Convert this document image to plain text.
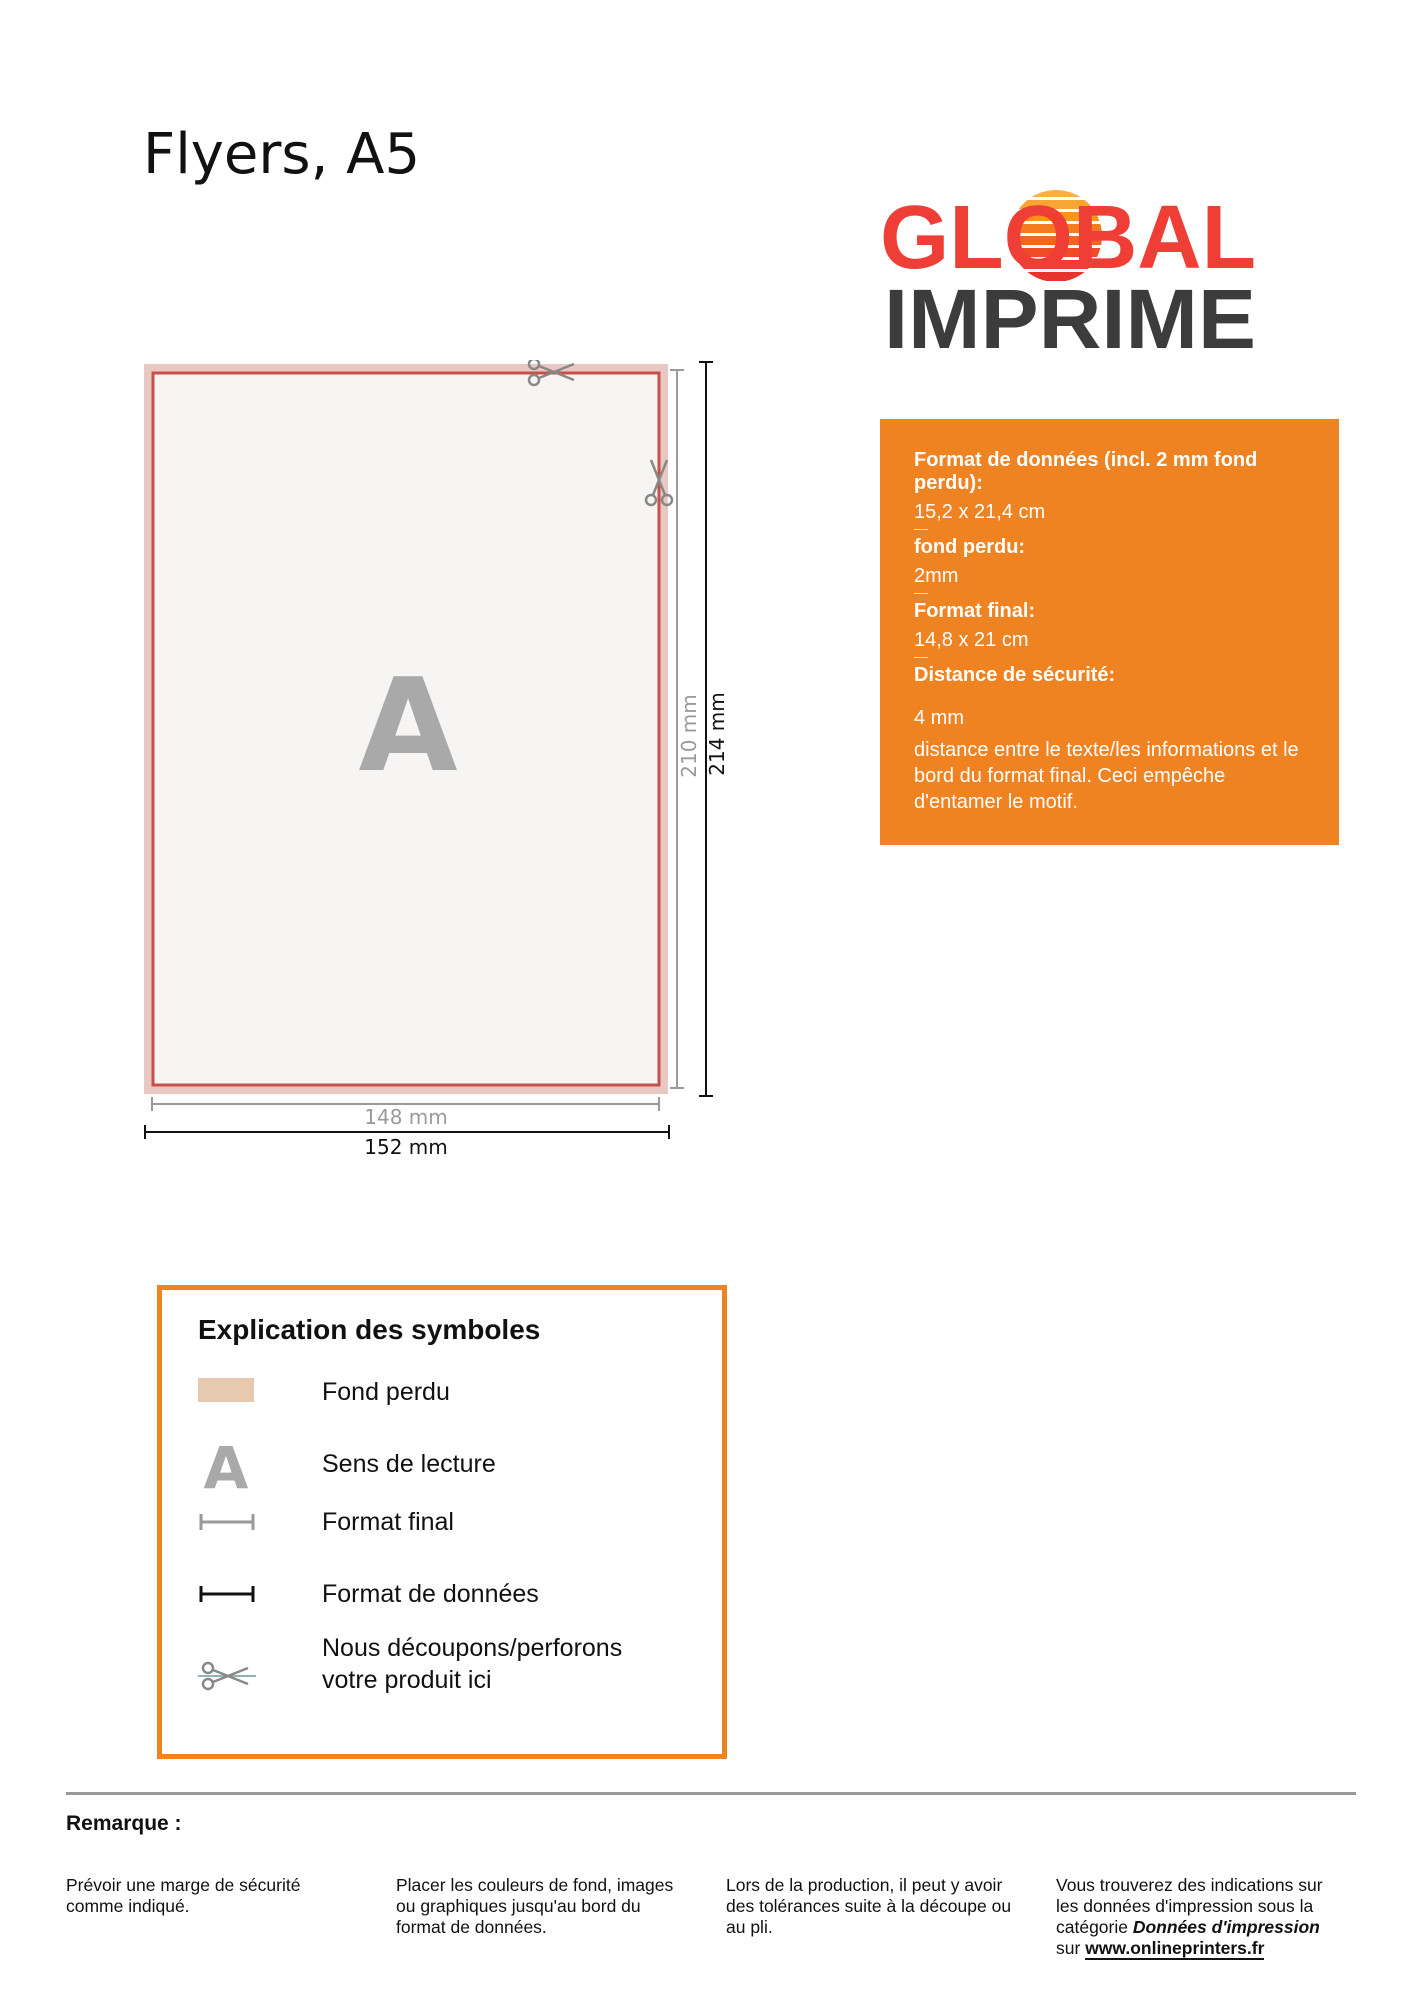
Flyers, A5
GLOBAL
IMPRIME
Format de données (incl. 2 mm fond perdu):
15,2 x 21,4 cm
fond perdu:
2mm
Format final:
14,8 x 21 cm
Distance de sécurité:
4 mm
distance entre le texte/les informations et le bord du format final. Ceci empêche d'entamer le motif.
A	210 mm 214 mm
148 mm
152 mm
Explication des symboles
Fond perdu
A	Sens de lecture
Format final
Format de données
Nous découpons/perforons
votre produit ici
Remarque :
Prévoir une marge de sécurité comme indiqué.
Placer les couleurs de fond, images ou graphiques jusqu'au bord du format de données.
Lors de la production, il peut y avoir des tolérances suite à la découpe ou au pli.
Vous trouverez des indications sur les données d'impression sous la catégorie Données d'impression
sur www.onlineprinters.fr
